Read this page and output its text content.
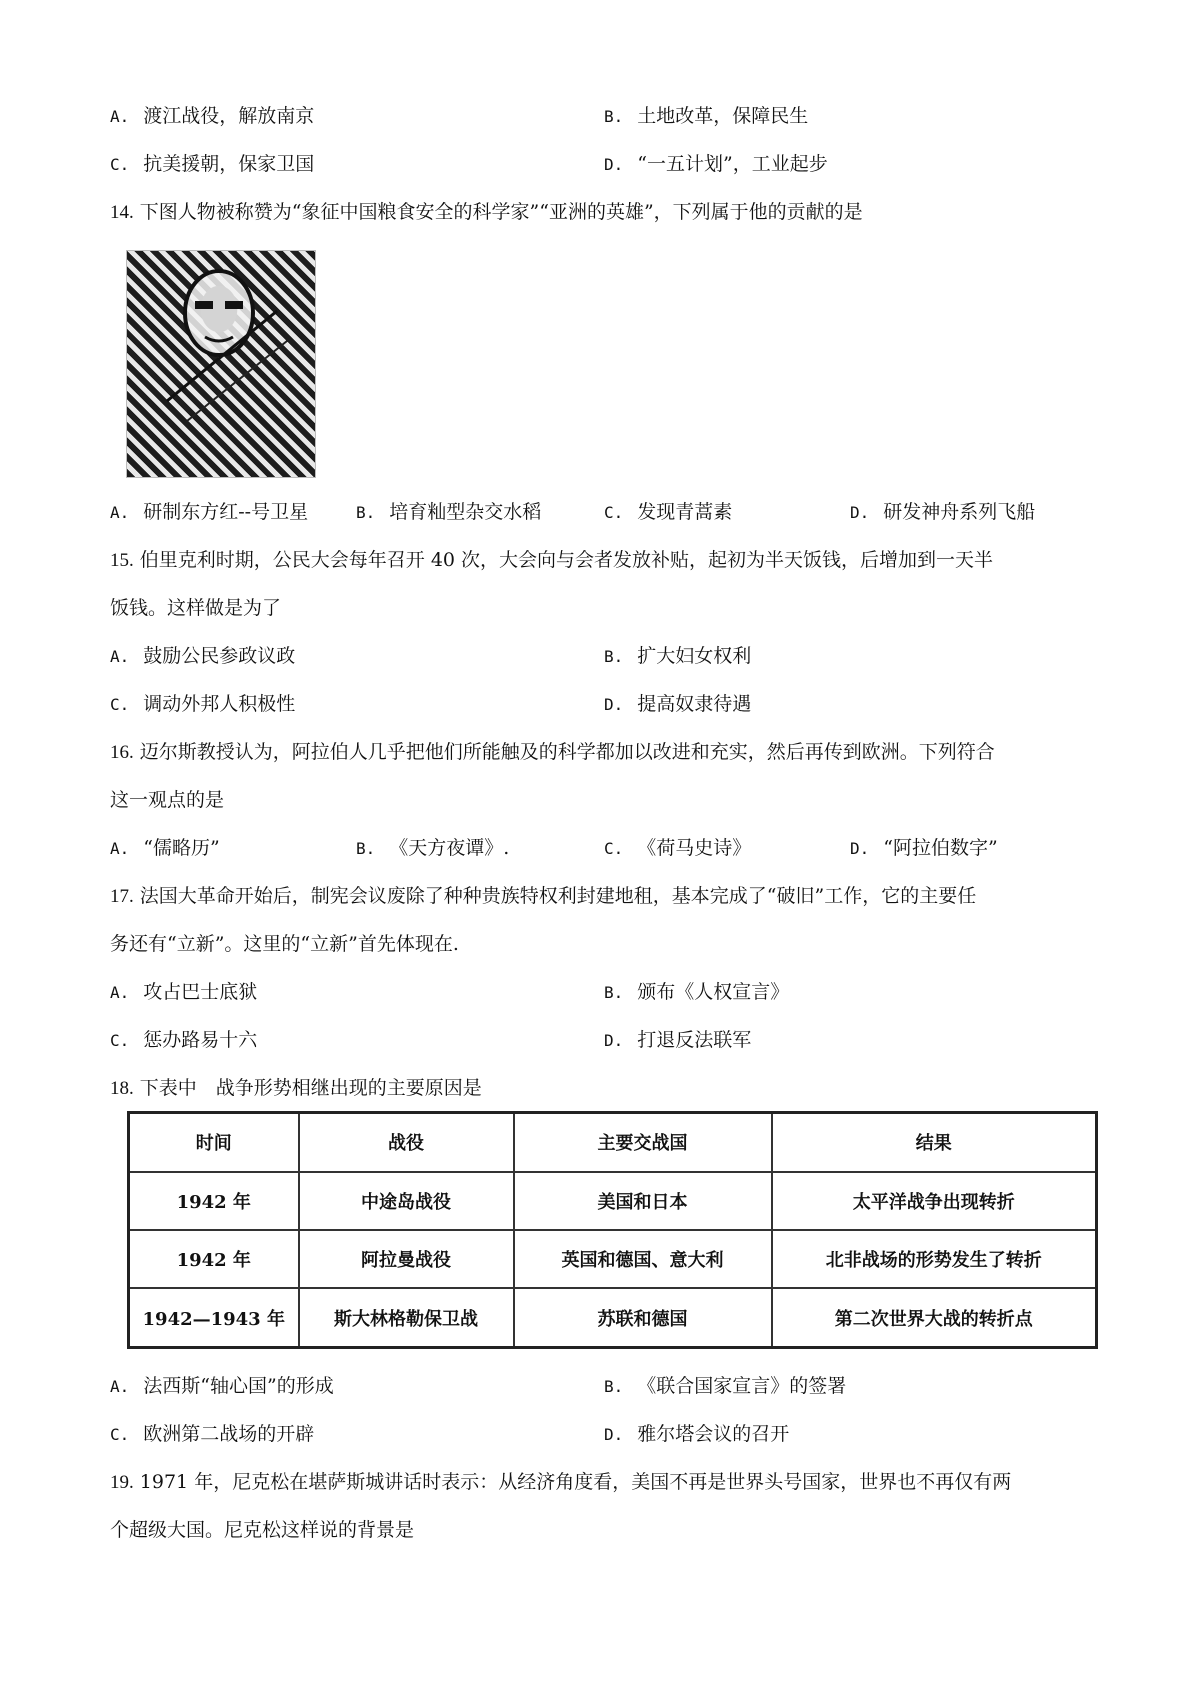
A. 渡江战役，解放南京	B. 土地改革，保障民生
C. 抗美援朝，保家卫国	D. “一五计划”，工业起步
14. 下图人物被称赞为“象征中国粮食安全的科学家”“亚洲的英雄”，下列属于他的贡献的是
A. 研制东方红--号卫星	B. 培育籼型杂交水稻	C. 发现青蒿素	D. 研发神舟系列飞船
15. 伯里克利时期，公民大会每年召开 40 次，大会向与会者发放补贴，起初为半天饭钱，后增加到一天半
饭钱。这样做是为了
A. 鼓励公民参政议政	B. 扩大妇女权利
C. 调动外邦人积极性	D. 提高奴隶待遇
16. 迈尔斯教授认为，阿拉伯人几乎把他们所能触及的科学都加以改进和充实，然后再传到欧洲。下列符合
这一观点的是
A. “儒略历”	B. 《天方夜谭》.	C. 《荷马史诗》	D. “阿拉伯数字”
17. 法国大革命开始后，制宪会议废除了种种贵族特权利封建地租，基本完成了“破旧”工作，它的主要任
务还有“立新”。这里的“立新”首先体现在.
A. 攻占巴士底狱	B. 颁布《人权宣言》
C. 惩办路易十六	D. 打退反法联军
18. 下表中　战争形势相继出现的主要原因是
时间	战役	主要交战国	结果
1942 年	中途岛战役	美国和日本	太平洋战争出现转折
1942 年	阿拉曼战役	英国和德国、意大利	北非战场的形势发生了转折
1942—1943 年	斯大林格勒保卫战	苏联和德国	第二次世界大战的转折点
A. 法西斯“轴心国”的形成	B. 《联合国家宣言》的签署
C. 欧洲第二战场的开辟	D. 雅尔塔会议的召开
19. 1971 年，尼克松在堪萨斯城讲话时表示：从经济角度看，美国不再是世界头号国家，世界也不再仅有两
个超级大国。尼克松这样说的背景是
